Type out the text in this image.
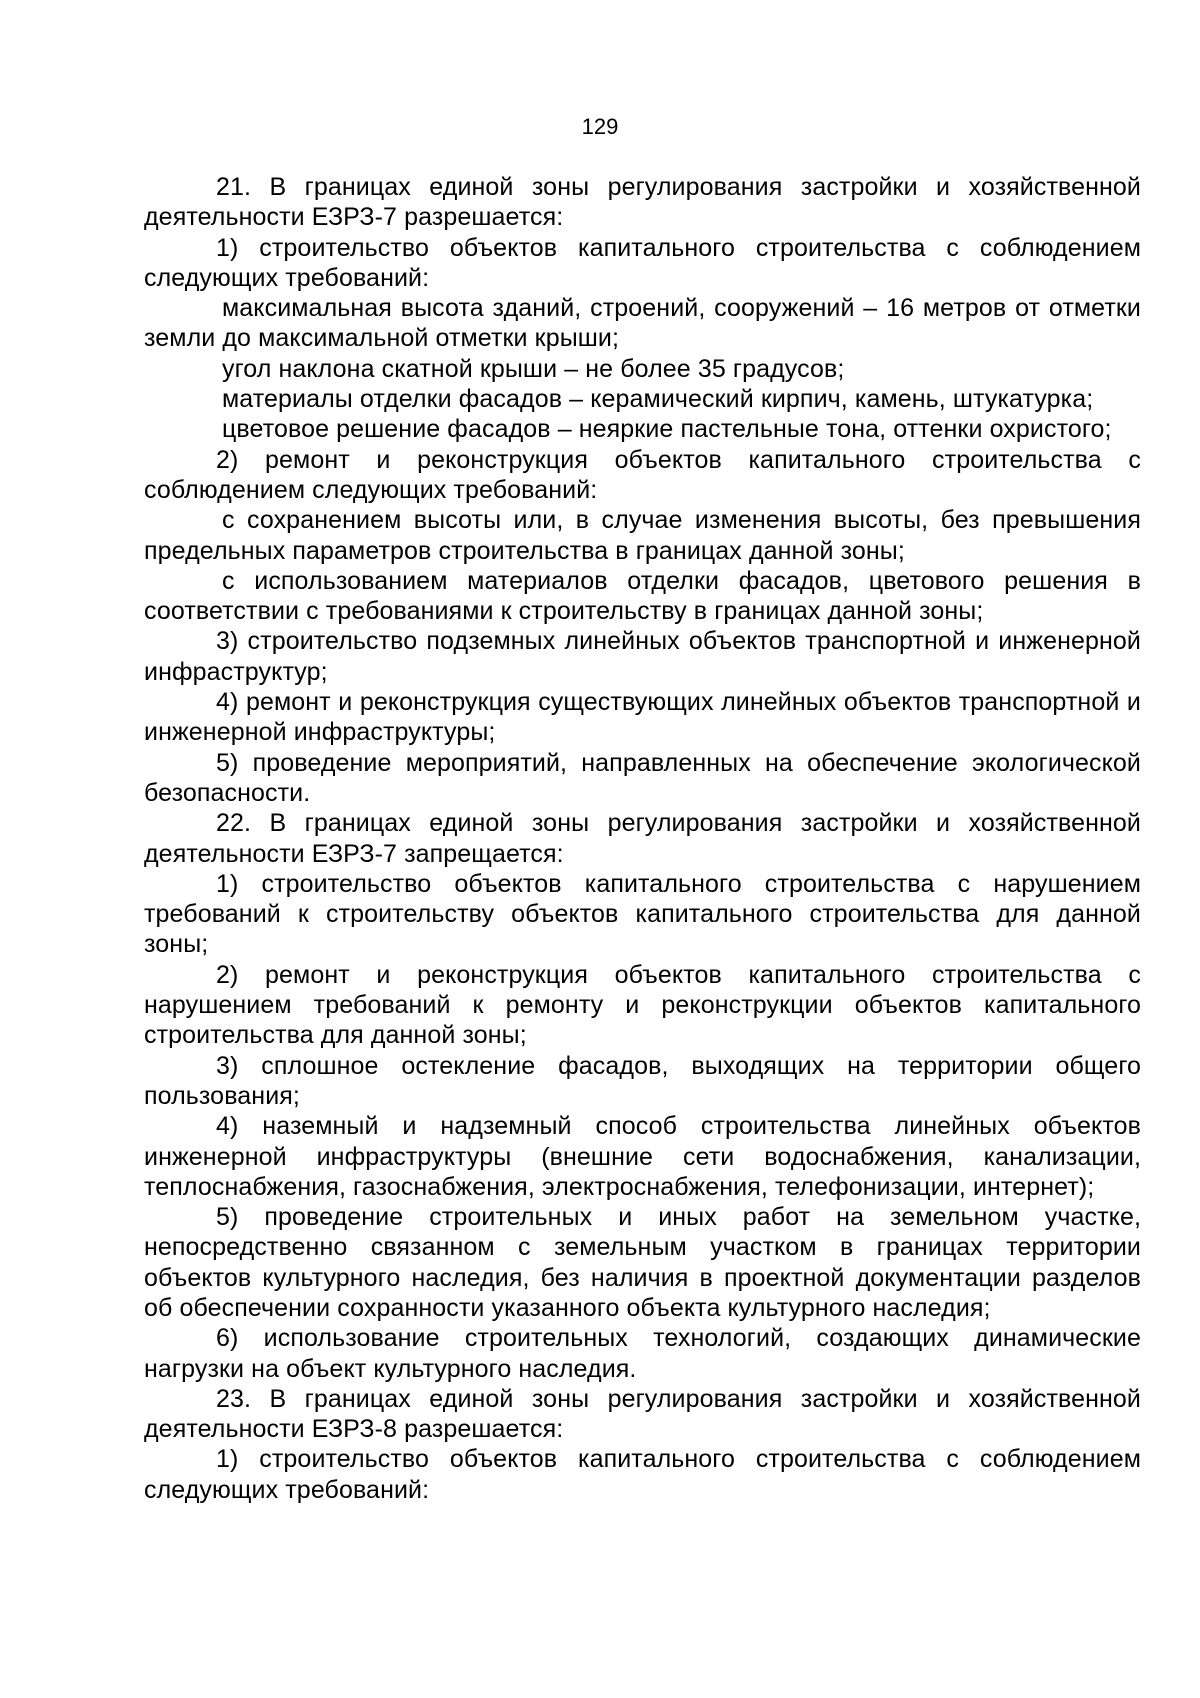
129

21. В границах единой зоны регулирования застройки и хозяйственной деятельности ЕЗРЗ-7 разрешается:

1) строительство объектов капитального строительства с соблюдением следующих требований:

максимальная высота зданий, строений, сооружений – 16 метров от отметки земли до максимальной отметки крыши;

угол наклона скатной крыши – не более 35 градусов;

материалы отделки фасадов – керамический кирпич, камень, штукатурка;

цветовое решение фасадов – неяркие пастельные тона, оттенки охристого;

2) ремонт и реконструкция объектов капитального строительства с соблюдением следующих требований:

с сохранением высоты или, в случае изменения высоты, без превышения предельных параметров строительства в границах данной зоны;

с использованием материалов отделки фасадов, цветового решения в соответствии с требованиями к строительству в границах данной зоны;

3) строительство подземных линейных объектов транспортной и инженерной инфраструктур;

4) ремонт и реконструкция существующих линейных объектов транспортной и инженерной инфраструктуры;

5) проведение мероприятий, направленных на обеспечение экологической безопасности.

22. В границах единой зоны регулирования застройки и хозяйственной деятельности ЕЗРЗ-7 запрещается:

1) строительство объектов капитального строительства с нарушением требований к строительству объектов капитального строительства для данной зоны;

2) ремонт и реконструкция объектов капитального строительства с нарушением требований к ремонту и реконструкции объектов капитального строительства для данной зоны;

3) сплошное остекление фасадов, выходящих на территории общего пользования;

4) наземный и надземный способ строительства линейных объектов инженерной инфраструктуры (внешние сети водоснабжения, канализации, теплоснабжения, газоснабжения, электроснабжения, телефонизации, интернет);

5) проведение строительных и иных работ на земельном участке, непосредственно связанном с земельным участком в границах территории объектов культурного наследия, без наличия в проектной документации разделов об обеспечении сохранности указанного объекта культурного наследия;

6) использование строительных технологий, создающих динамические нагрузки на объект культурного наследия.

23. В границах единой зоны регулирования застройки и хозяйственной деятельности ЕЗРЗ-8 разрешается:

1) строительство объектов капитального строительства с соблюдением следующих требований:
